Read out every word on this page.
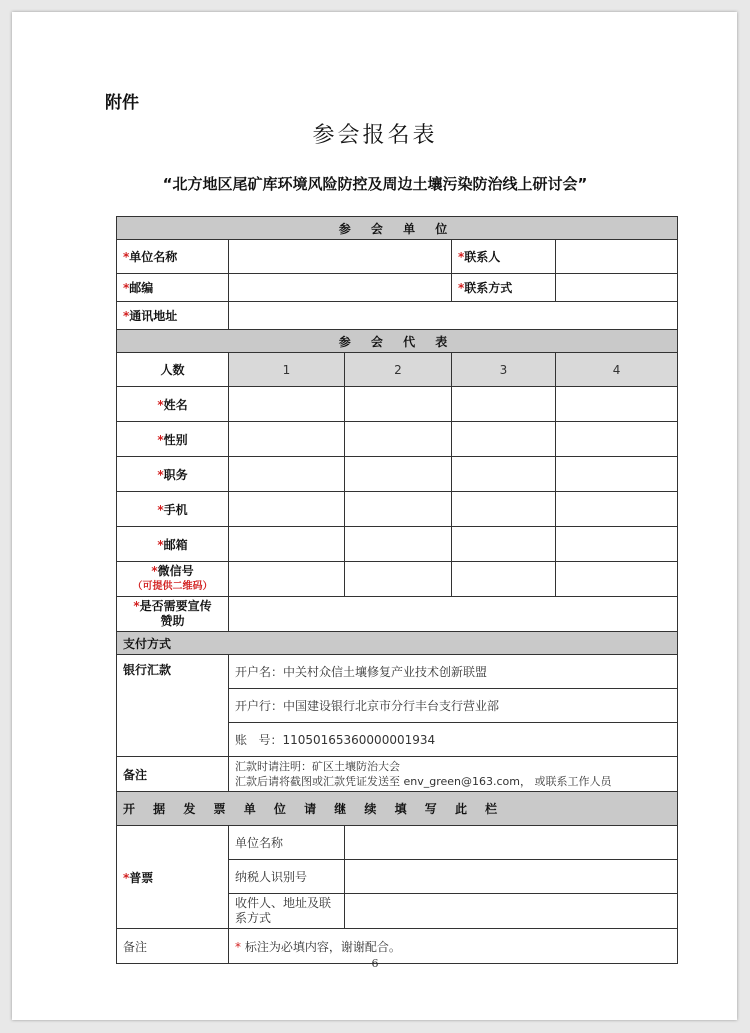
附件
参会报名表
“北方地区尾矿库环境风险防控及周边土壤污染防治线上研讨会”
参 会 单 位				
*单位名称			*联系人	
*邮编			*联系方式	
*通讯地址				
参 会 代 表				
人数	1	2	3	4
*姓名				
*性别				
*职务				
*手机				
*邮箱				
*微信号
（可提供二维码）				
*是否需要宣传
赞助				
支付方式				
银行汇款	开户名：中关村众信土壤修复产业技术创新联盟			
	开户行：中国建设银行北京市分行丰台支行营业部			
	账   号：11050165360000001934			
备注	汇款时请注明：矿区土壤防治大会
汇款后请将截图或汇款凭证发送至 env_green@163.com， 或联系工作人员			
开 据 发 票 单 位 请 继 续 填 写 此 栏				
*普票	单位名称			
	纳税人识别号			
	收件人、地址及联系方式			
备注	* 标注为必填内容，谢谢配合。			
6
